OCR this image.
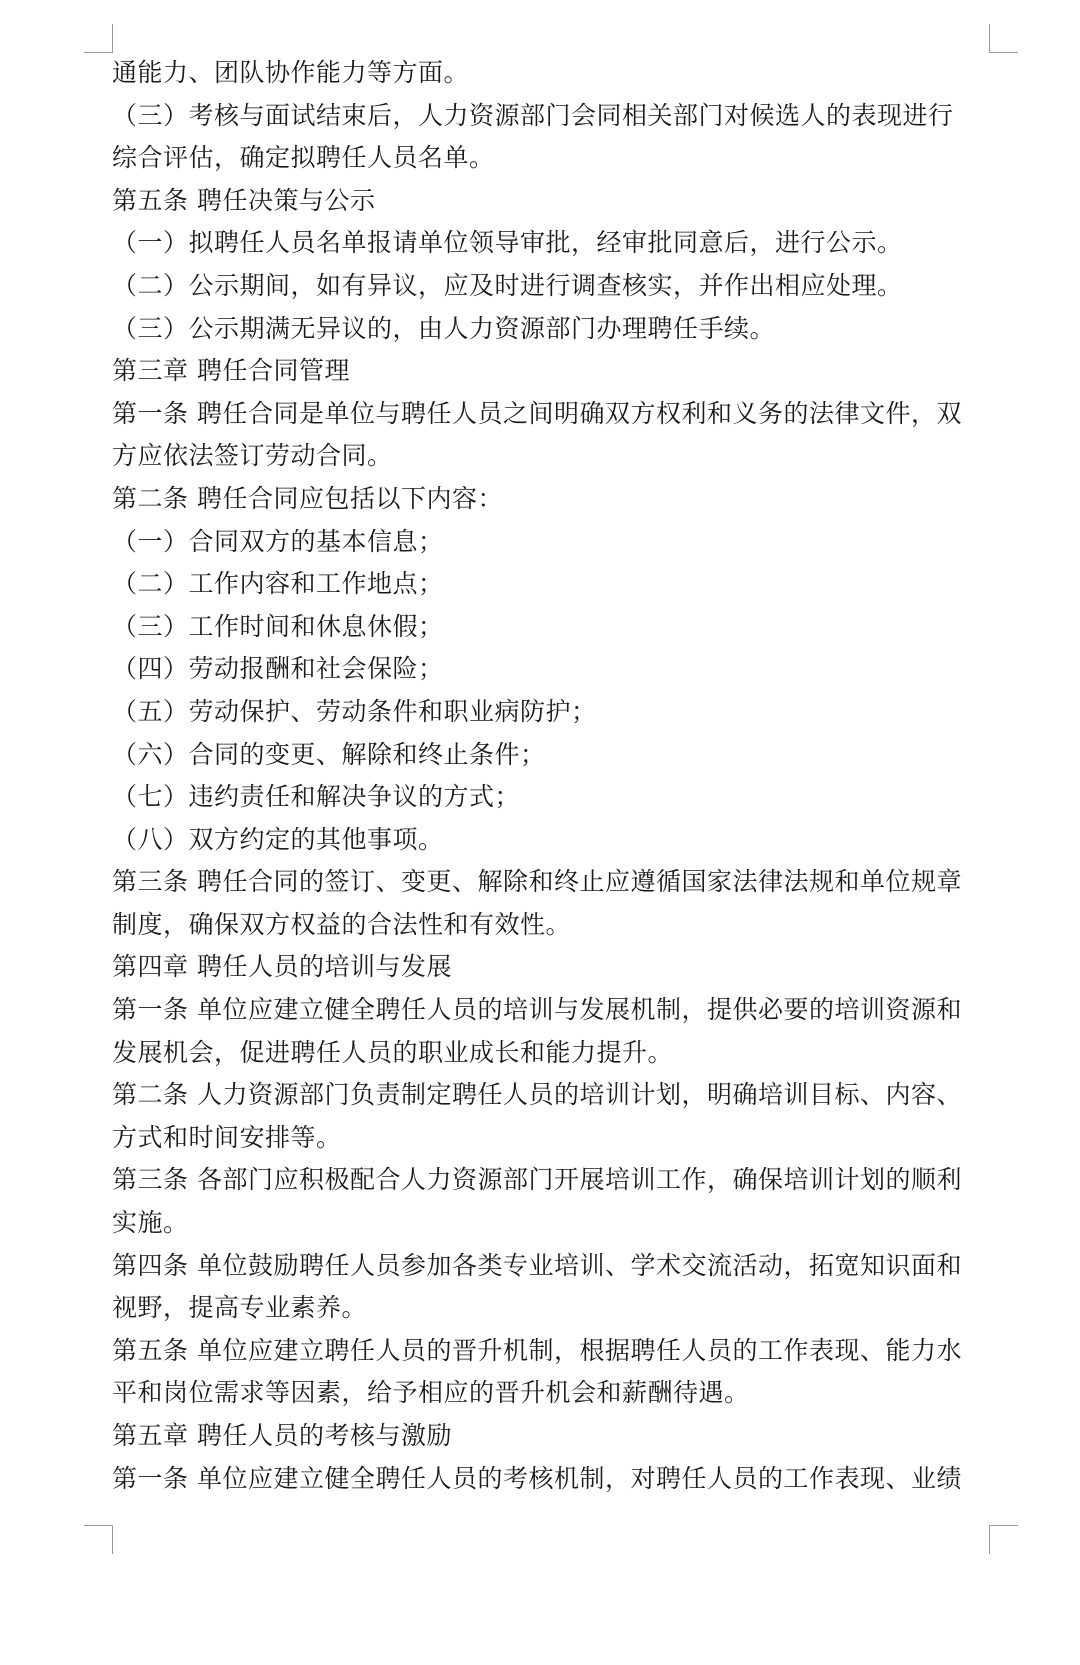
通能力、团队协作能力等方面。
（三）考核与面试结束后，人力资源部门会同相关部门对候选人的表现进行
综合评估，确定拟聘任人员名单。
第五条 聘任决策与公示
（一）拟聘任人员名单报请单位领导审批，经审批同意后，进行公示。
（二）公示期间，如有异议，应及时进行调查核实，并作出相应处理。
（三）公示期满无异议的，由人力资源部门办理聘任手续。
第三章 聘任合同管理
第一条 聘任合同是单位与聘任人员之间明确双方权利和义务的法律文件，双
方应依法签订劳动合同。
第二条 聘任合同应包括以下内容：
（一）合同双方的基本信息；
（二）工作内容和工作地点；
（三）工作时间和休息休假；
（四）劳动报酬和社会保险；
（五）劳动保护、劳动条件和职业病防护；
（六）合同的变更、解除和终止条件；
（七）违约责任和解决争议的方式；
（八）双方约定的其他事项。
第三条 聘任合同的签订、变更、解除和终止应遵循国家法律法规和单位规章
制度，确保双方权益的合法性和有效性。
第四章 聘任人员的培训与发展
第一条 单位应建立健全聘任人员的培训与发展机制，提供必要的培训资源和
发展机会，促进聘任人员的职业成长和能力提升。
第二条 人力资源部门负责制定聘任人员的培训计划，明确培训目标、内容、
方式和时间安排等。
第三条 各部门应积极配合人力资源部门开展培训工作，确保培训计划的顺利
实施。
第四条 单位鼓励聘任人员参加各类专业培训、学术交流活动，拓宽知识面和
视野，提高专业素养。
第五条 单位应建立聘任人员的晋升机制，根据聘任人员的工作表现、能力水
平和岗位需求等因素，给予相应的晋升机会和薪酬待遇。
第五章 聘任人员的考核与激励
第一条 单位应建立健全聘任人员的考核机制，对聘任人员的工作表现、业绩
